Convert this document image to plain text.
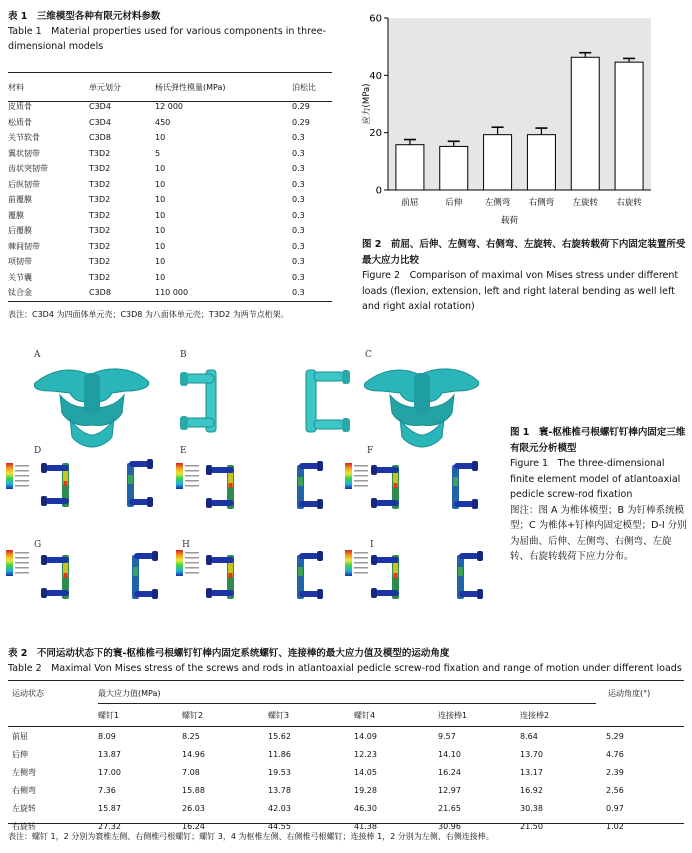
表 1　三维模型各种有限元材料参数
Table 1　Material properties used for various components in three-dimensional models
材料	单元划分	杨氏弹性模量(MPa)	泊松比
皮质骨	C3D4	12 000	0.29
松质骨	C3D4	450	0.29
关节软骨	C3D8	10	0.3
翼状韧带	T3D2	5	0.3
齿状突韧带	T3D2	10	0.3
后纵韧带	T3D2	10	0.3
前覆膜	T3D2	10	0.3
覆膜	T3D2	10	0.3
后覆膜	T3D2	10	0.3
棘间韧带	T3D2	10	0.3
项韧带	T3D2	10	0.3
关节囊	T3D2	10	0.3
钛合金	C3D8	110 000	0.3
表注：C3D4 为四面体单元壳；C3D8 为八面体单元壳；T3D2 为两节点桁架。
0
20
40
60
应力(MPa)
前屈	后伸	左侧弯 右侧弯 左旋转 右旋转
载荷
图 2　前屈、后伸、左侧弯、右侧弯、左旋转、右旋转载荷下内固定装置所受最大应力比较
Figure 2　Comparison of maximal von Mises stress under different loads (flexion, extension, left and right lateral bending as well left and right axial rotation)
A	B	C
D	E	F
G	H	I
图 1　寰-枢椎椎弓根螺钉钉棒内固定三维有限元分析模型
Figure 1　The three-dimensional finite element model of atlantoaxial pedicle screw-rod fixation
图注：图 A 为椎体模型；B 为钉棒系统模型；C 为椎体+钉棒内固定模型；D-I 分别为屈曲、后伸、左侧弯、右侧弯、左旋转、右旋转载荷下应力分布。
表 2　不同运动状态下的寰-枢椎椎弓根螺钉钉棒内固定系统螺钉、连接棒的最大应力值及模型的运动角度
Table 2　Maximal Von Mises stress of the screws and rods in atlantoaxial pedicle screw-rod fixation and range of motion under different loads
运动状态	最大应力值(MPa)	运动角度(°)
	螺钉1	螺钉2	螺钉3	螺钉4	连接棒1	连接棒2	
前屈	8.09	8.25	15.62	14.09	9.57	8.64	5.29
后伸	13.87	14.96	11.86	12.23	14.10	13.70	4.76
左侧弯	17.00	7.08	19.53	14.05	16.24	13.17	2.39
右侧弯	7.36	15.88	13.78	19.28	12.97	16.92	2.56
左旋转	15.87	26.03	42.03	46.30	21.65	30.38	0.97
右旋转	27.32	16.24	44.55	41.38	30.96	21.50	1.02
表注：螺钉 1，2 分别为寰椎左侧、右侧椎弓根螺钉；螺钉 3，4 为枢椎左侧、右侧椎弓根螺钉；连接棒 1，2 分别为左侧、右侧连接棒。
